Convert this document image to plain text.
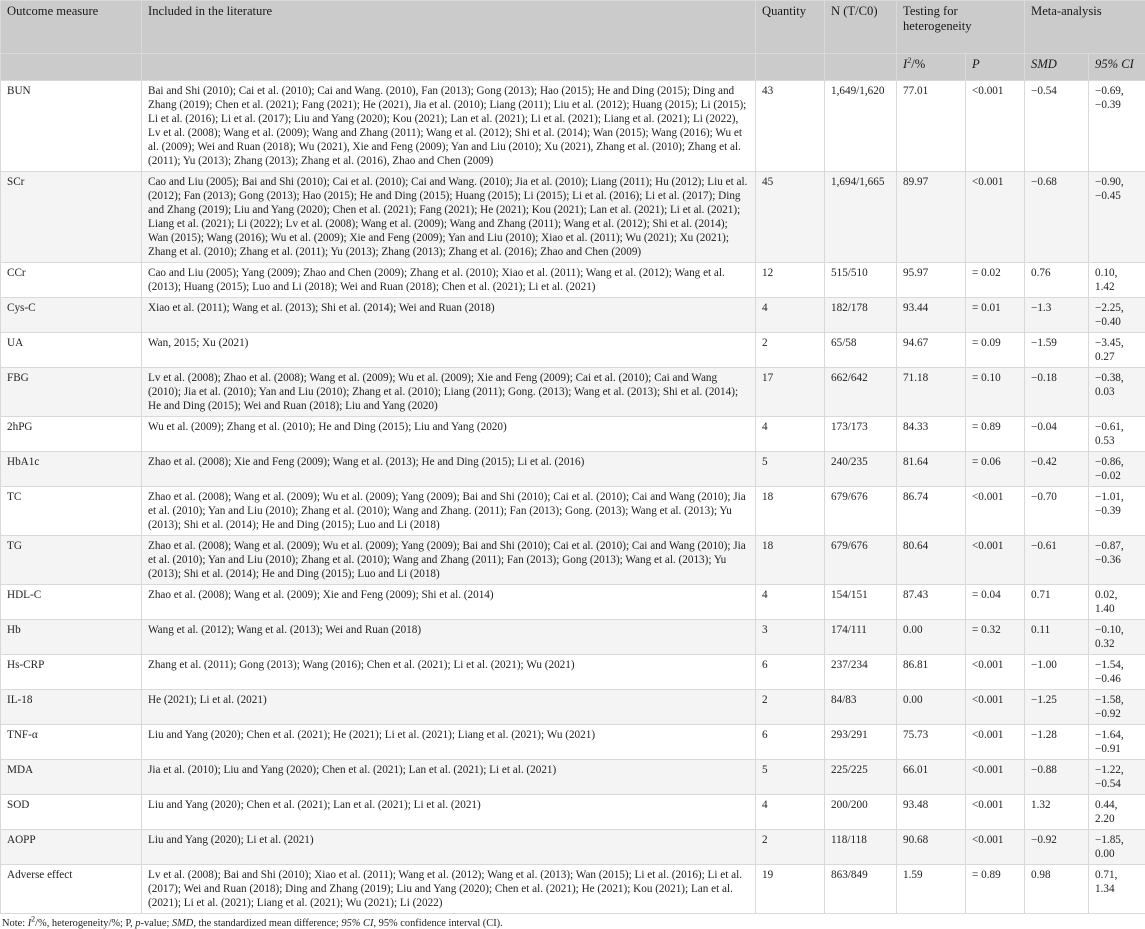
Outcome measure	Included in the literature	Quantity	N (T/C0)	Testing for heterogeneity		Meta-analysis	
				$I^2/\%$	P	SMD	95% CI
BUN	Bai and Shi (2010); Cai et al. (2010); Cai and Wang. (2010), Fan (2013); Gong (2013); Hao (2015); He and Ding (2015); Ding and Zhang (2019); Chen et al. (2021); Fang (2021); He (2021), Jia et al. (2010); Liang (2011); Liu et al. (2012); Huang (2015); Li (2015); Li et al. (2016); Li et al. (2017); Liu and Yang (2020); Kou (2021); Lan et al. (2021); Li et al. (2021); Liang et al. (2021); Li (2022), Lv et al. (2008); Wang et al. (2009); Wang and Zhang (2011); Wang et al. (2012); Shi et al. (2014); Wan (2015); Wang (2016); Wu et al. (2009); Wei and Ruan (2018); Wu (2021), Xie and Feng (2009); Yan and Liu (2010); Xu (2021), Zhang et al. (2010); Zhang et al. (2011); Yu (2013); Zhang (2013); Zhang et al. (2016), Zhao and Chen (2009)	43	1,649/1,620	77.01	<0.001	−0.54	−0.69, −0.39
SCr	Cao and Liu (2005); Bai and Shi (2010); Cai et al. (2010); Cai and Wang. (2010); Jia et al. (2010); Liang (2011); Hu (2012); Liu et al. (2012); Fan (2013); Gong (2013); Hao (2015); He and Ding (2015); Huang (2015); Li (2015); Li et al. (2016); Li et al. (2017); Ding and Zhang (2019); Liu and Yang (2020); Chen et al. (2021); Fang (2021); He (2021); Kou (2021); Lan et al. (2021); Li et al. (2021); Liang et al. (2021); Li (2022); Lv et al. (2008); Wang et al. (2009); Wang and Zhang (2011); Wang et al. (2012); Shi et al. (2014); Wan (2015); Wang (2016); Wu et al. (2009); Xie and Feng (2009); Yan and Liu (2010); Xiao et al. (2011); Wu (2021); Xu (2021); Zhang et al. (2010); Zhang et al. (2011); Yu (2013); Zhang (2013); Zhang et al. (2016); Zhao and Chen (2009)	45	1,694/1,665	89.97	<0.001	−0.68	−0.90, −0.45
CCr	Cao and Liu (2005); Yang (2009); Zhao and Chen (2009); Zhang et al. (2010); Xiao et al. (2011); Wang et al. (2012); Wang et al. (2013); Huang (2015); Luo and Li (2018); Wei and Ruan (2018); Chen et al. (2021); Li et al. (2021)	12	515/510	95.97	= 0.02	0.76	0.10, 1.42
Cys-C	Xiao et al. (2011); Wang et al. (2013); Shi et al. (2014); Wei and Ruan (2018)	4	182/178	93.44	= 0.01	−1.3	−2.25, −0.40
UA	Wan, 2015; Xu (2021)	2	65/58	94.67	= 0.09	−1.59	−3.45, 0.27
FBG	Lv et al. (2008); Zhao et al. (2008); Wang et al. (2009); Wu et al. (2009); Xie and Feng (2009); Cai et al. (2010); Cai and Wang (2010); Jia et al. (2010); Yan and Liu (2010); Zhang et al. (2010); Liang (2011); Gong. (2013); Wang et al. (2013); Shi et al. (2014); He and Ding (2015); Wei and Ruan (2018); Liu and Yang (2020)	17	662/642	71.18	= 0.10	−0.18	−0.38, 0.03
2hPG	Wu et al. (2009); Zhang et al. (2010); He and Ding (2015); Liu and Yang (2020)	4	173/173	84.33	= 0.89	−0.04	−0.61, 0.53
HbA1c	Zhao et al. (2008); Xie and Feng (2009); Wang et al. (2013); He and Ding (2015); Li et al. (2016)	5	240/235	81.64	= 0.06	−0.42	−0.86, −0.02
TC	Zhao et al. (2008); Wang et al. (2009); Wu et al. (2009); Yang (2009); Bai and Shi (2010); Cai et al. (2010); Cai and Wang (2010); Jia et al. (2010); Yan and Liu (2010); Zhang et al. (2010); Wang and Zhang. (2011); Fan (2013); Gong. (2013); Wang et al. (2013); Yu (2013); Shi et al. (2014); He and Ding (2015); Luo and Li (2018)	18	679/676	86.74	<0.001	−0.70	−1.01, −0.39
TG	Zhao et al. (2008); Wang et al. (2009); Wu et al. (2009); Yang (2009); Bai and Shi (2010); Cai et al. (2010); Cai and Wang (2010); Jia et al. (2010); Yan and Liu (2010); Zhang et al. (2010); Wang and Zhang (2011); Fan (2013); Gong (2013); Wang et al. (2013); Yu (2013); Shi et al. (2014); He and Ding (2015); Luo and Li (2018)	18	679/676	80.64	<0.001	−0.61	−0.87, −0.36
HDL-C	Zhao et al. (2008); Wang et al. (2009); Xie and Feng (2009); Shi et al. (2014)	4	154/151	87.43	= 0.04	0.71	0.02, 1.40
Hb	Wang et al. (2012); Wang et al. (2013); Wei and Ruan (2018)	3	174/111	0.00	= 0.32	0.11	−0.10, 0.32
Hs-CRP	Zhang et al. (2011); Gong (2013); Wang (2016); Chen et al. (2021); Li et al. (2021); Wu (2021)	6	237/234	86.81	<0.001	−1.00	−1.54, −0.46
IL-18	He (2021); Li et al. (2021)	2	84/83	0.00	<0.001	−1.25	−1.58, −0.92
TNF-α	Liu and Yang (2020); Chen et al. (2021); He (2021); Li et al. (2021); Liang et al. (2021); Wu (2021)	6	293/291	75.73	<0.001	−1.28	−1.64, −0.91
MDA	Jia et al. (2010); Liu and Yang (2020); Chen et al. (2021); Lan et al. (2021); Li et al. (2021)	5	225/225	66.01	<0.001	−0.88	−1.22, −0.54
SOD	Liu and Yang (2020); Chen et al. (2021); Lan et al. (2021); Li et al. (2021)	4	200/200	93.48	<0.001	1.32	0.44, 2.20
AOPP	Liu and Yang (2020); Li et al. (2021)	2	118/118	90.68	<0.001	−0.92	−1.85, 0.00
Adverse effect	Lv et al. (2008); Bai and Shi (2010); Xiao et al. (2011); Wang et al. (2012); Wang et al. (2013); Wan (2015); Li et al. (2016); Li et al. (2017); Wei and Ruan (2018); Ding and Zhang (2019); Liu and Yang (2020); Chen et al. (2021); He (2021); Kou (2021); Lan et al. (2021); Li et al. (2021); Liang et al. (2021); Wu (2021); Li (2022)	19	863/849	1.59	= 0.89	0.98	0.71, 1.34
Note: $I^2/\%$, heterogeneity/%; P, p-value; SMD, the standardized mean difference; 95% CI, 95% confidence interval (CI).
